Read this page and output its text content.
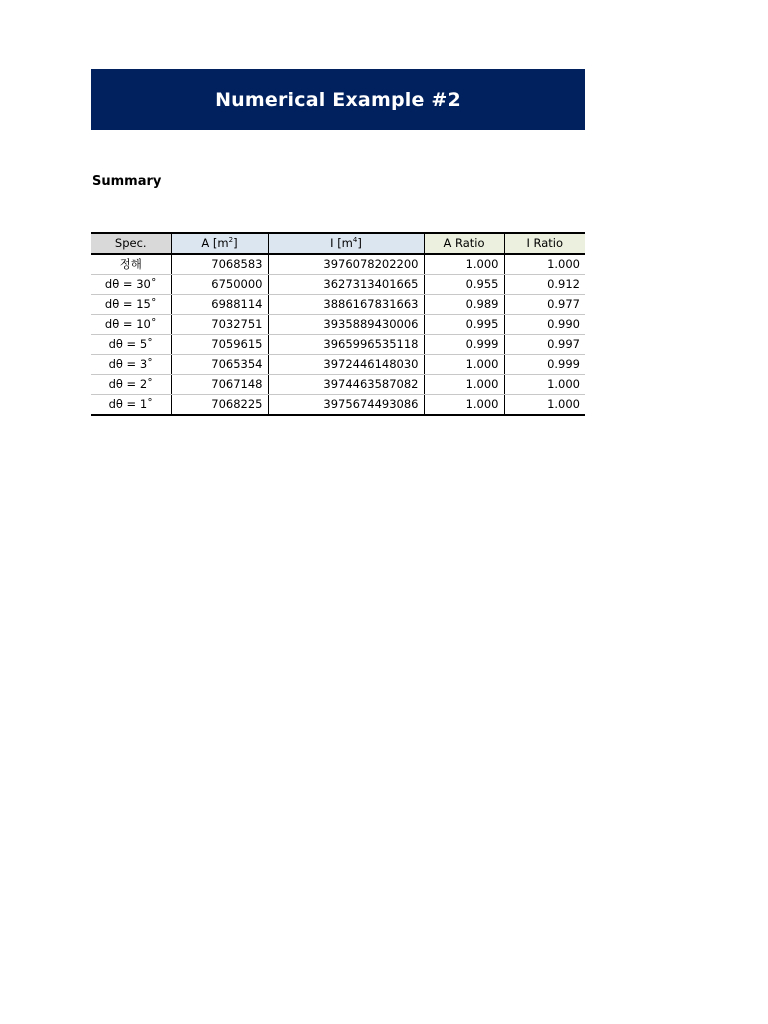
Numerical Example #2
Summary
Spec.	A $[m^2]$	I $[m^4]$	A Ratio	I Ratio
정해	7068583	3976078202200	1.000	1.000
dθ = 30˚	6750000	3627313401665	0.955	0.912
dθ = 15˚	6988114	3886167831663	0.989	0.977
dθ = 10˚	7032751	3935889430006	0.995	0.990
dθ = 5˚	7059615	3965996535118	0.999	0.997
dθ = 3˚	7065354	3972446148030	1.000	0.999
dθ = 2˚	7067148	3974463587082	1.000	1.000
dθ = 1˚	7068225	3975674493086	1.000	1.000
